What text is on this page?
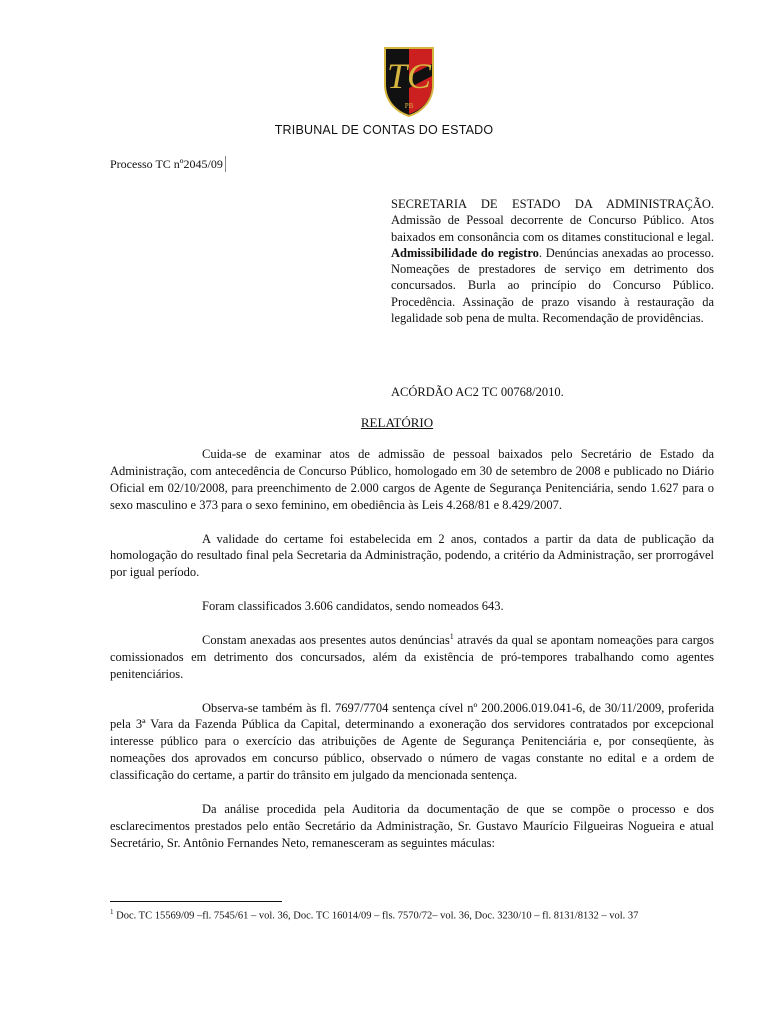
TC
PB
TRIBUNAL DE CONTAS DO ESTADO
Processo TC nº2045/09
SECRETARIA DE ESTADO DA ADMINISTRAÇÃO. Admissão de Pessoal decorrente de Concurso Público. Atos baixados em consonância com os ditames constitucional e legal. Admissibilidade do registro. Denúncias anexadas ao processo. Nomeações de prestadores de serviço em detrimento dos concursados. Burla ao princípio do Concurso Público. Procedência. Assinação de prazo visando à restauração da legalidade sob pena de multa. Recomendação de providências.
ACÓRDÃO AC2 TC 00768/2010.
RELATÓRIO

Cuida-se de examinar atos de admissão de pessoal baixados pelo Secretário de Estado da Administração, com antecedência de Concurso Público, homologado em 30 de setembro de 2008 e publicado no Diário Oficial em 02/10/2008, para preenchimento de 2.000 cargos de Agente de Segurança Penitenciária, sendo 1.627 para o sexo masculino e 373 para o sexo feminino, em obediência às Leis 4.268/81 e 8.429/2007.

A validade do certame foi estabelecida em 2 anos, contados a partir da data de publicação da homologação do resultado final pela Secretaria da Administração, podendo, a critério da Administração, ser prorrogável por igual período.

Foram classificados 3.606 candidatos, sendo nomeados 643.

Constam anexadas aos presentes autos denúncias$^1$ através da qual se apontam nomeações para cargos comissionados em detrimento dos concursados, além da existência de pró-tempores trabalhando como agentes penitenciários.

Observa-se também às fl. 7697/7704 sentença cível nº 200.2006.019.041-6, de 30/11/2009, proferida pela 3ª Vara da Fazenda Pública da Capital, determinando a exoneração dos servidores contratados por excepcional interesse público para o exercício das atribuições de Agente de Segurança Penitenciária e, por conseqüente, às nomeações dos aprovados em concurso público, observado o número de vagas constante no edital e a ordem de classificação do certame, a partir do trânsito em julgado da mencionada sentença.

Da análise procedida pela Auditoria da documentação de que se compõe o processo e dos esclarecimentos prestados pelo então Secretário da Administração, Sr. Gustavo Maurício Filgueiras Nogueira e atual Secretário, Sr. Antônio Fernandes Neto, remanesceram as seguintes máculas:

$^1$ Doc. TC 15569/09 –fl. 7545/61 – vol. 36, Doc. TC 16014/09 – fls. 7570/72– vol. 36, Doc. 3230/10 – fl. 8131/8132 – vol. 37
